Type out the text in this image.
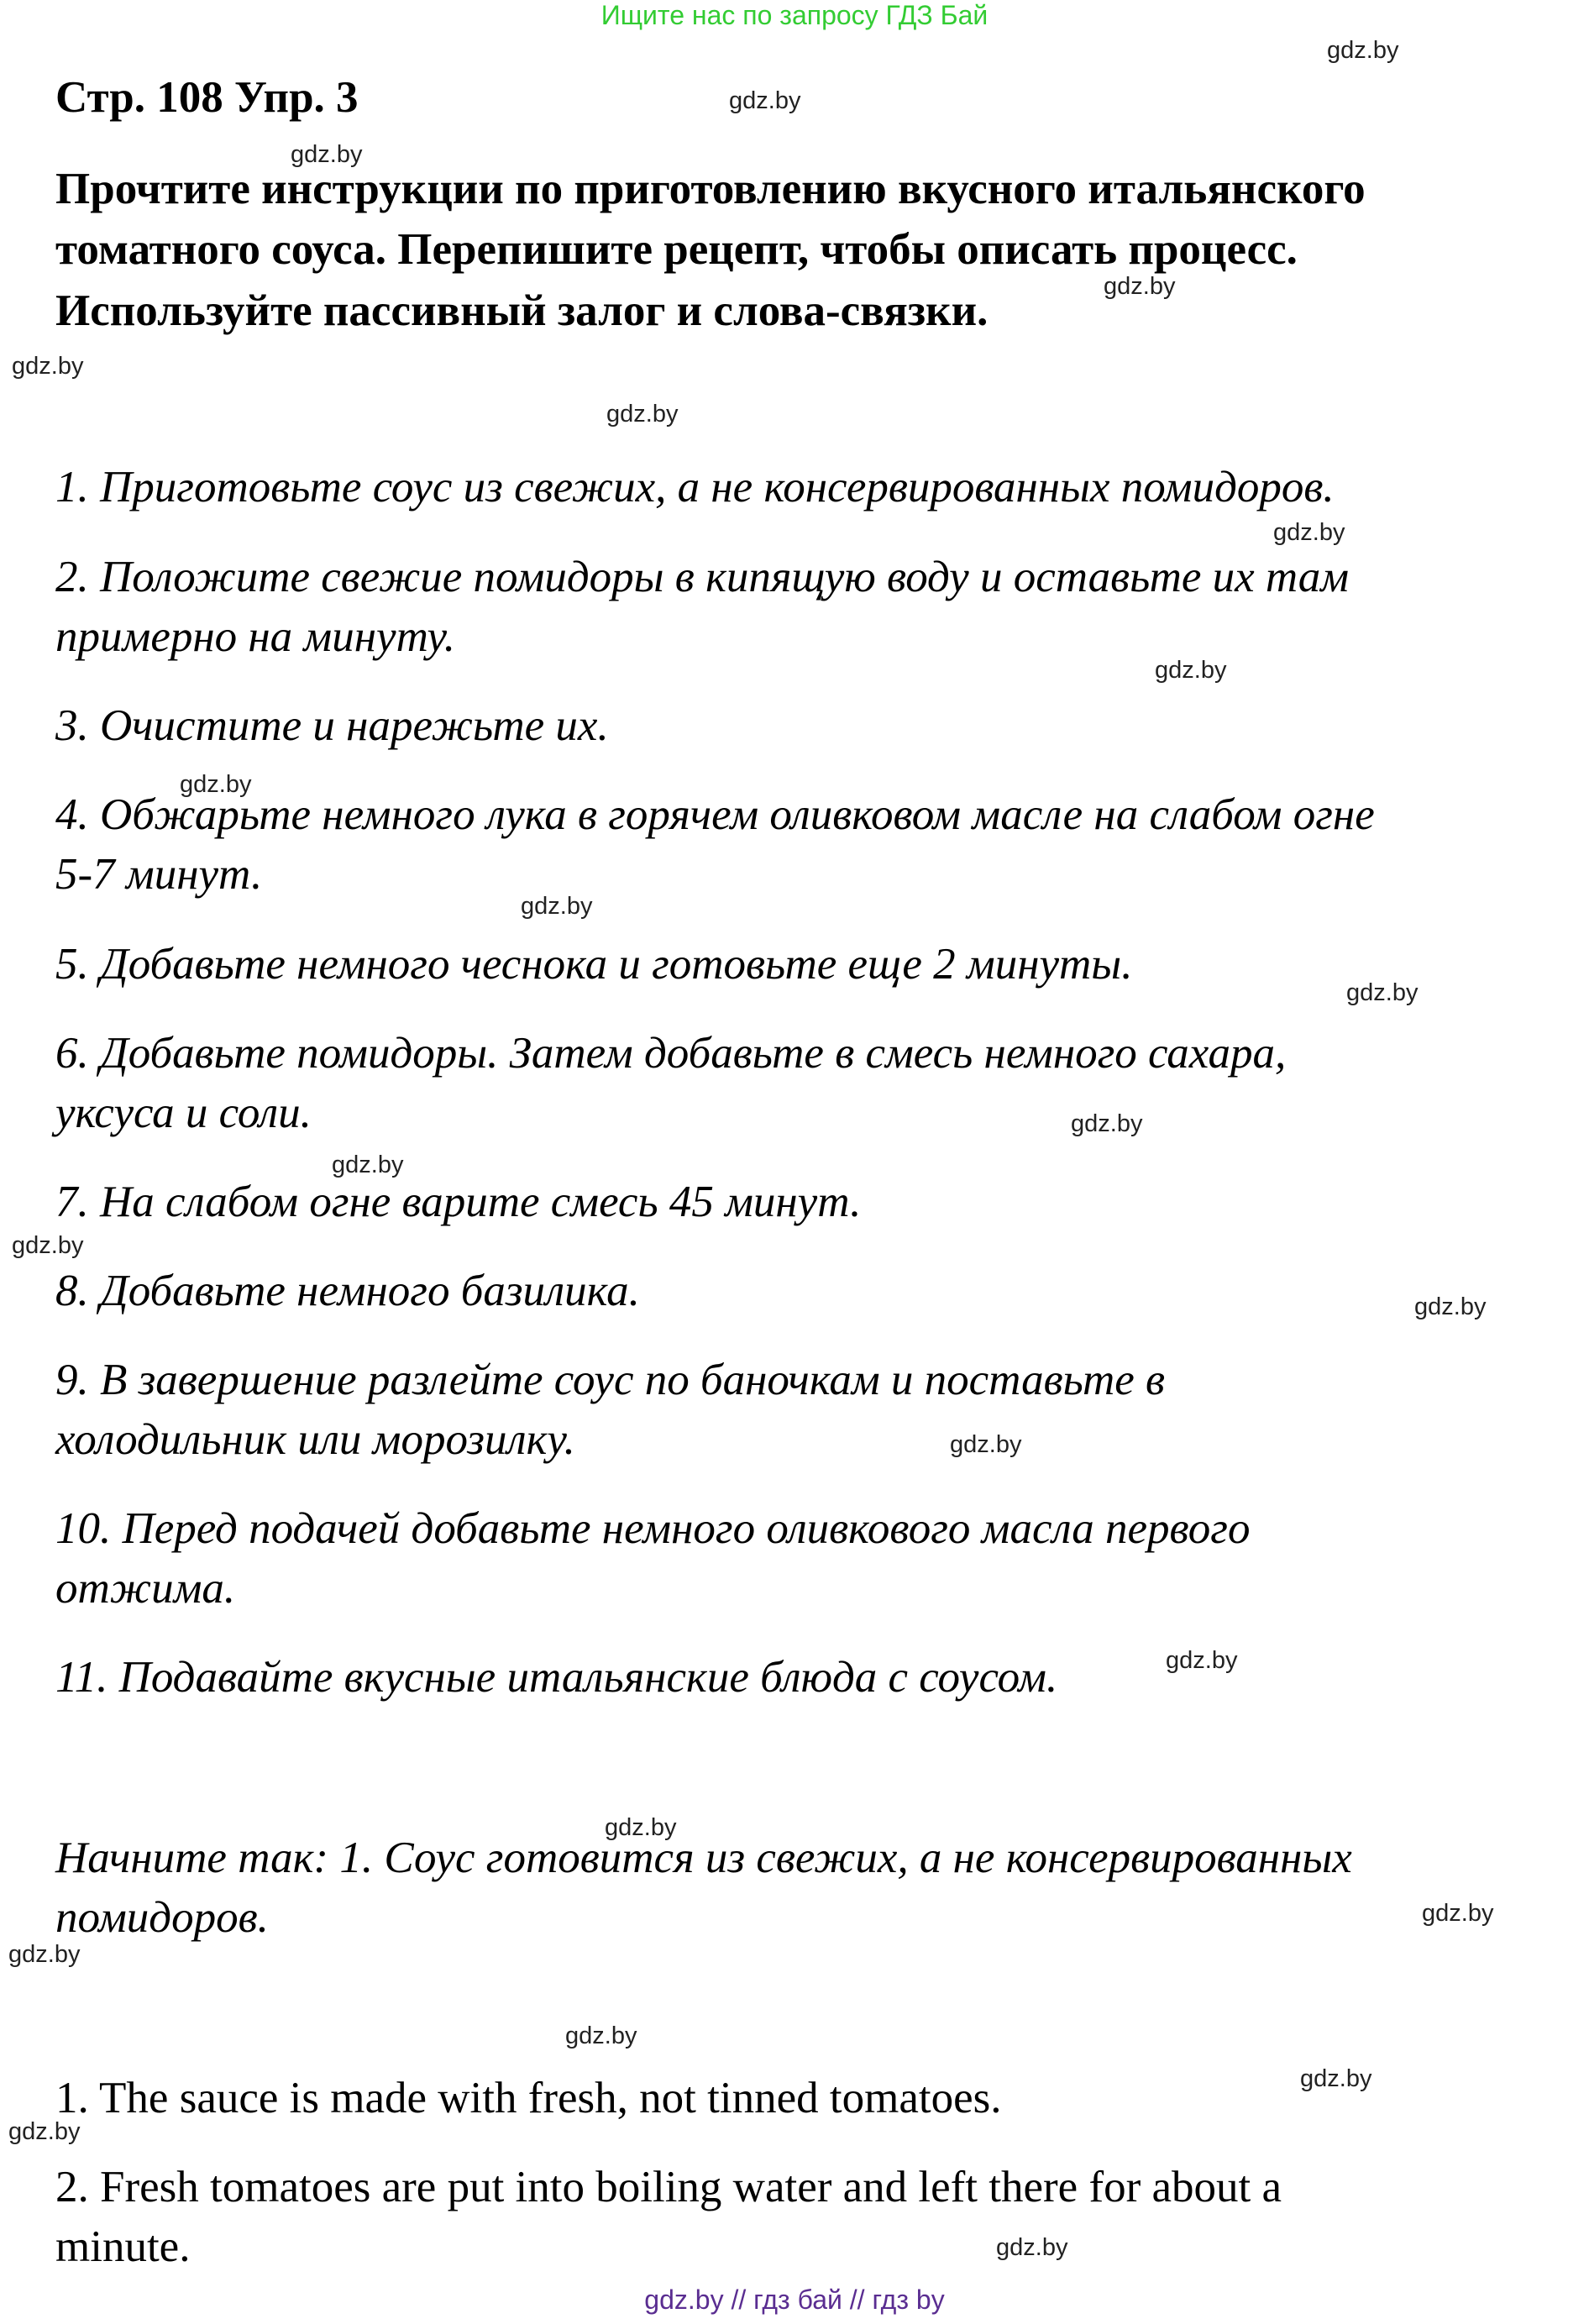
Ищите нас по запросу ГДЗ Бай
Стр. 108 Упр. 3
Прочтите инструкции по приготовлению вкусного итальянского
томатного соуса. Перепишите рецепт, чтобы описать процесс.
Используйте пассивный залог и слова-связки.
1. Приготовьте соус из свежих, а не консервированных помидоров.
2. Положите свежие помидоры в кипящую воду и оставьте их там
примерно на минуту.
3. Очистите и нарежьте их.
4. Обжарьте немного лука в горячем оливковом масле на слабом огне
5-7 минут.
5. Добавьте немного чеснока и готовьте еще 2 минуты.
6. Добавьте помидоры. Затем добавьте в смесь немного сахара,
уксуса и соли.
7. На слабом огне варите смесь 45 минут.
8. Добавьте немного базилика.
9. В завершение разлейте соус по баночкам и поставьте в
холодильник или морозилку.
10. Перед подачей добавьте немного оливкового масла первого
отжима.
11. Подавайте вкусные итальянские блюда с соусом.
Начните так: 1. Соус готовится из свежих, а не консервированных
помидоров.
1. The sauce is made with fresh, not tinned tomatoes.
2. Fresh tomatoes are put into boiling water and left there for about a
minute.
gdz.by
gdz.by
gdz.by
gdz.by
gdz.by
gdz.by
gdz.by
gdz.by
gdz.by
gdz.by
gdz.by
gdz.by
gdz.by
gdz.by
gdz.by
gdz.by
gdz.by
gdz.by
gdz.by
gdz.by
gdz.by
gdz.by
gdz.by
gdz.by
gdz.by // гдз бай // гдз by
